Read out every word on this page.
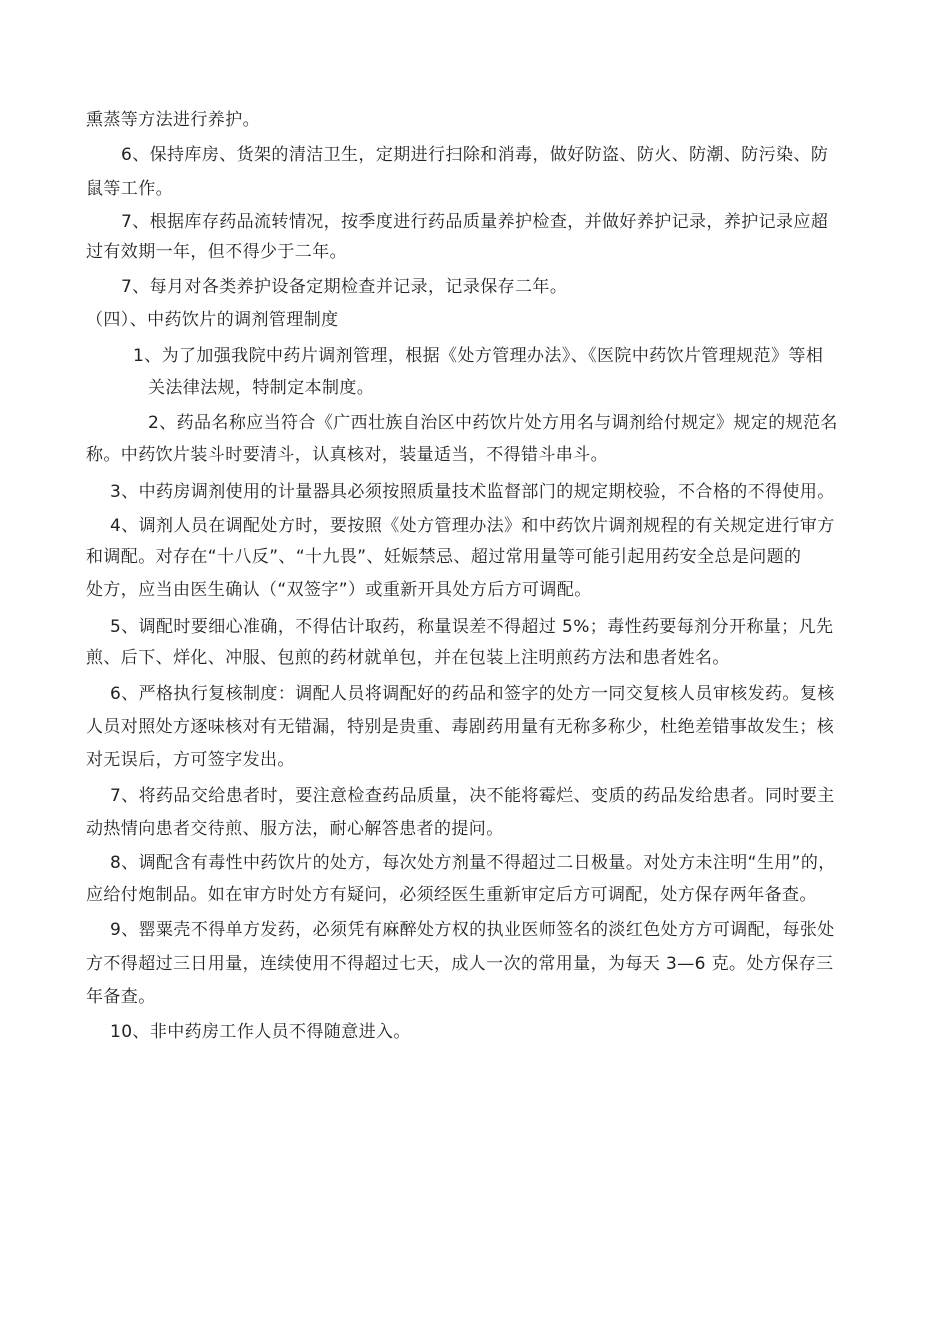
熏蒸等方法进行养护。
6、保持库房、货架的清洁卫生，定期进行扫除和消毒，做好防盗、防火、防潮、防污染、防
鼠等工作。
7、根据库存药品流转情况，按季度进行药品质量养护检查，并做好养护记录，养护记录应超
过有效期一年，但不得少于二年。
7、每月对各类养护设备定期检查并记录，记录保存二年。
（四）、中药饮片的调剂管理制度
1、为了加强我院中药片调剂管理，根据《处方管理办法》、《医院中药饮片管理规范》等相
关法律法规，特制定本制度。
2、药品名称应当符合《广西壮族自治区中药饮片处方用名与调剂给付规定》规定的规范名
称。中药饮片装斗时要清斗，认真核对，装量适当，不得错斗串斗。
3、中药房调剂使用的计量器具必须按照质量技术监督部门的规定期校验，不合格的不得使用。
4、调剂人员在调配处方时，要按照《处方管理办法》和中药饮片调剂规程的有关规定进行审方
和调配。对存在“十八反”、“十九畏”、妊娠禁忌、超过常用量等可能引起用药安全总是问题的
处方，应当由医生确认（“双签字”）或重新开具处方后方可调配。
5、调配时要细心准确，不得估计取药，称量误差不得超过 5%；毒性药要每剂分开称量；凡先
煎、后下、烊化、冲服、包煎的药材就单包，并在包装上注明煎药方法和患者姓名。
6、严格执行复核制度：调配人员将调配好的药品和签字的处方一同交复核人员审核发药。复核
人员对照处方逐味核对有无错漏，特别是贵重、毒剧药用量有无称多称少，杜绝差错事故发生；核
对无误后，方可签字发出。
7、将药品交给患者时，要注意检查药品质量，决不能将霉烂、变质的药品发给患者。同时要主
动热情向患者交待煎、服方法，耐心解答患者的提问。
8、调配含有毒性中药饮片的处方，每次处方剂量不得超过二日极量。对处方未注明“生用”的，
应给付炮制品。如在审方时处方有疑问，必须经医生重新审定后方可调配，处方保存两年备查。
9、罂粟壳不得单方发药，必须凭有麻醉处方权的执业医师签名的淡红色处方方可调配，每张处
方不得超过三日用量，连续使用不得超过七天，成人一次的常用量，为每天 3—6 克。处方保存三
年备查。
10、非中药房工作人员不得随意进入。
